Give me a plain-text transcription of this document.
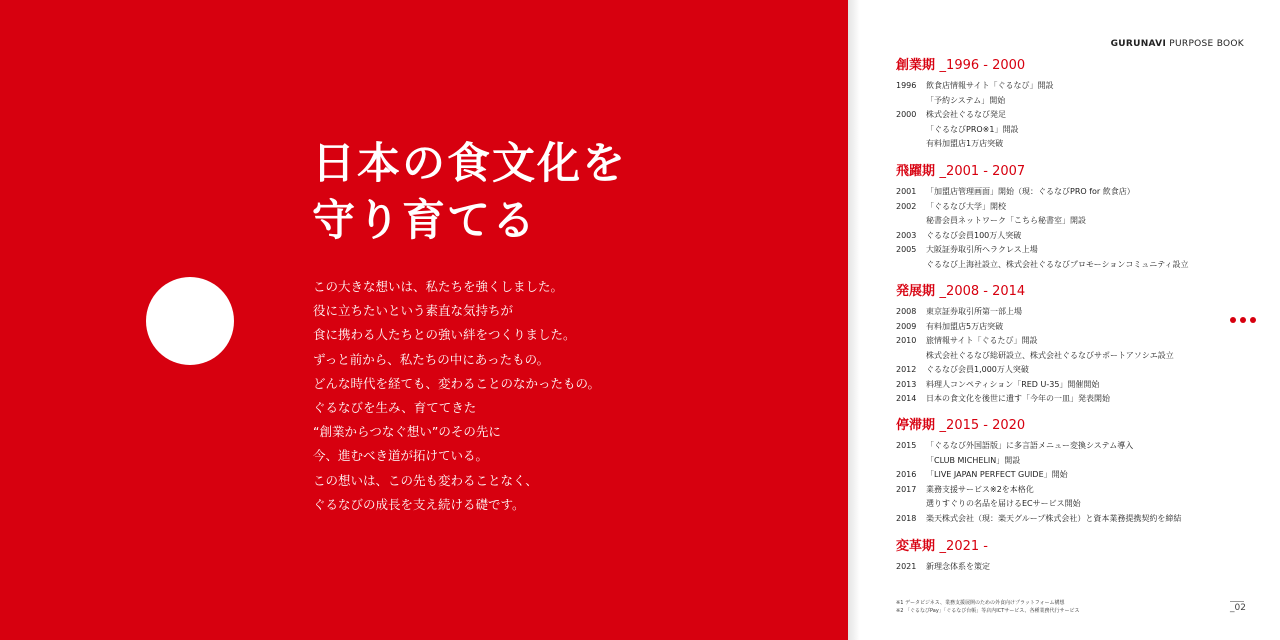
日本の食文化を
守り育てる
この大きな想いは、私たちを強くしました。
役に立ちたいという素直な気持ちが
食に携わる人たちとの強い絆をつくりました。
ずっと前から、私たちの中にあったもの。
どんな時代を経ても、変わることのなかったもの。
ぐるなびを生み、育ててきた
“創業からつなぐ想い”のその先に
今、進むべき道が拓けている。
この想いは、この先も変わることなく、
ぐるなびの成長を支え続ける礎です。
GURUNAVI PURPOSE BOOK
創業期 _1996 - 2000
1996	飲食店情報サイト「ぐるなび」開設
「予約システム」開始
2000	株式会社ぐるなび発足
「ぐるなびPRO※1」開設
有料加盟店1万店突破
飛躍期 _2001 - 2007
2001	「加盟店管理画面」開始（現：ぐるなびPRO for 飲食店）
2002	「ぐるなび大学」開校
秘書会員ネットワーク「こちら秘書室」開設
2003	ぐるなび会員100万人突破
2005	大阪証券取引所ヘラクレス上場
ぐるなび上海社設立、株式会社ぐるなびプロモーションコミュニティ設立
発展期 _2008 - 2014
2008	東京証券取引所第一部上場
2009	有料加盟店5万店突破
2010	旅情報サイト「ぐるたび」開設
株式会社ぐるなび総研設立、株式会社ぐるなびサポートアソシエ設立
2012	ぐるなび会員1,000万人突破
2013	料理人コンペティション「RED U-35」開催開始
2014	日本の食文化を後世に遺す「今年の一皿」発表開始
停滞期 _2015 - 2020
2015	「ぐるなび外国語版」に多言語メニュー変換システム導入
「CLUB MICHELIN」開設
2016	「LIVE JAPAN PERFECT GUIDE」開始
2017	業務支援サービス※2を本格化
選りすぐりの名品を届けるECサービス開始
2018	楽天株式会社（現：楽天グループ株式会社）と資本業務提携契約を締結
変革期 _2021 -
2021	新理念体系を策定
※1 データビジネス、業務支援展開のための外食向けプラットフォーム構想
※2 「ぐるなびPay」「ぐるなび台帳」等店内ICTサービス、各種業務代行サービス	_02
